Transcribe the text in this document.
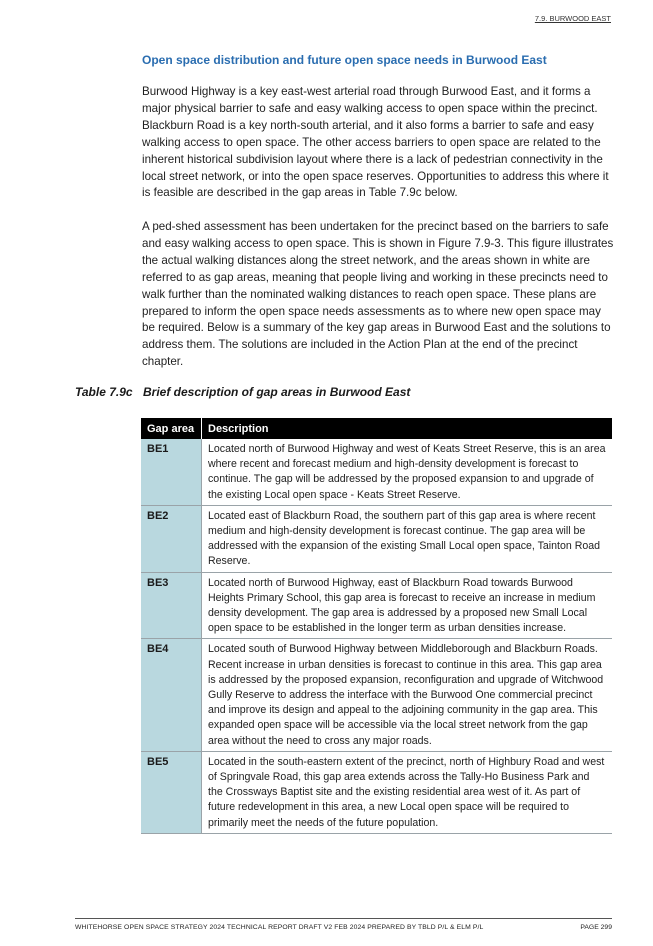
7.9. BURWOOD EAST
Open space distribution and future open space needs in Burwood East

Burwood Highway is a key east-west arterial road through Burwood East, and it forms a major physical barrier to safe and easy walking access to open space within the precinct. Blackburn Road is a key north-south arterial, and it also forms a barrier to safe and easy walking access to open space. The other access barriers to open space are related to the inherent historical subdivision layout where there is a lack of pedestrian connectivity in the local street network, or into the open space reserves. Opportunities to address this where it is feasible are described in the gap areas in Table 7.9c below.

A ped-shed assessment has been undertaken for the precinct based on the barriers to safe and easy walking access to open space. This is shown in Figure 7.9-3. This figure illustrates the actual walking distances along the street network, and the areas shown in white are referred to as gap areas, meaning that people living and working in these precincts need to walk further than the nominated walking distances to reach open space. These plans are prepared to inform the open space needs assessments as to where new open space may be required. Below is a summary of the key gap areas in Burwood East and the solutions to address them. The solutions are included in the Action Plan at the end of the precinct chapter.

Table 7.9c Brief description of gap areas in Burwood East

Gap area	Description
BE1	Located north of Burwood Highway and west of Keats Street Reserve, this is an area where recent and forecast medium and high-density development is forecast to continue. The gap will be addressed by the proposed expansion to and upgrade of the existing Local open space - Keats Street Reserve.
BE2	Located east of Blackburn Road, the southern part of this gap area is where recent medium and high-density development is forecast continue. The gap area will be addressed with the expansion of the existing Small Local open space, Tainton Road Reserve.
BE3	Located north of Burwood Highway, east of Blackburn Road towards Burwood Heights Primary School, this gap area is forecast to receive an increase in medium density development. The gap area is addressed by a proposed new Small Local open space to be established in the longer term as urban densities increase.
BE4	Located south of Burwood Highway between Middleborough and Blackburn Roads. Recent increase in urban densities is forecast to continue in this area. This gap area is addressed by the proposed expansion, reconfiguration and upgrade of Witchwood Gully Reserve to address the interface with the Burwood One commercial precinct and improve its design and appeal to the adjoining community in the gap area. This expanded open space will be accessible via the local street network from the gap area without the need to cross any major roads.
BE5	Located in the south-eastern extent of the precinct, north of Highbury Road and west of Springvale Road, this gap area extends across the Tally-Ho Business Park and the Crossways Baptist site and the existing residential area west of it. As part of future redevelopment in this area, a new Local open space will be required to primarily meet the needs of the future population.
WHITEHORSE OPEN SPACE STRATEGY 2024 TECHNICAL REPORT DRAFT V2 FEB 2024 PREPARED BY TBLD P/L & ELM P/L	PAGE 299
